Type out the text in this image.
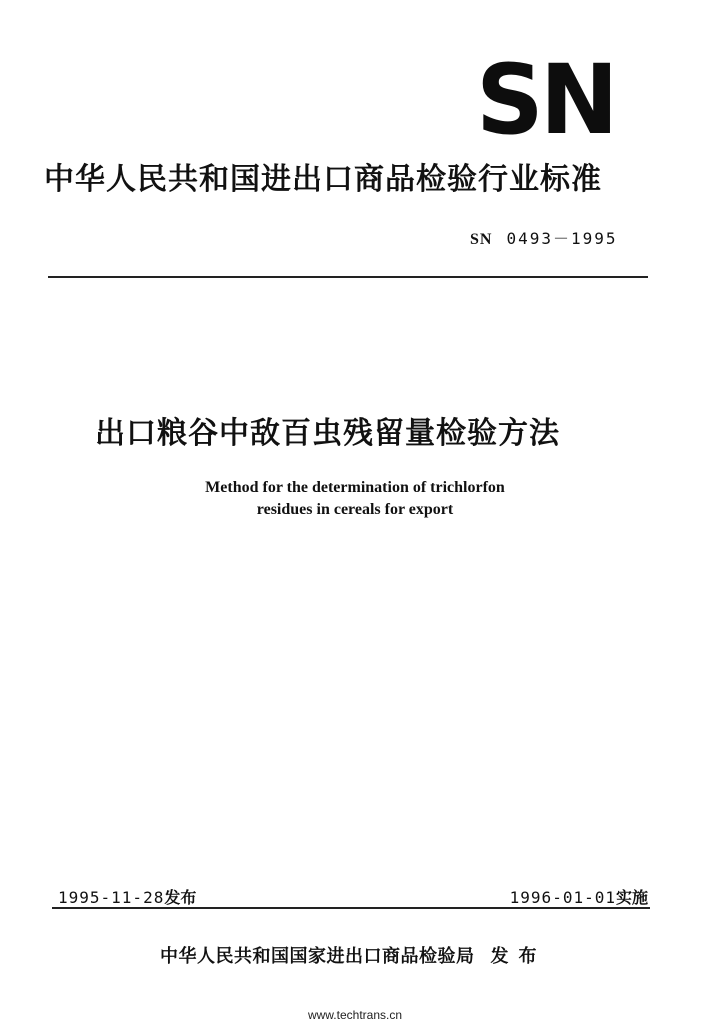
SN
中华人民共和国进出口商品检验行业标准
SN 0493－1995
出口粮谷中敌百虫残留量检验方法
Method for the determination of trichlorfon
residues in cereals for export
1995-11-28发布	1996-01-01实施
中华人民共和国国家进出口商品检验局 发布
www.techtrans.cn
